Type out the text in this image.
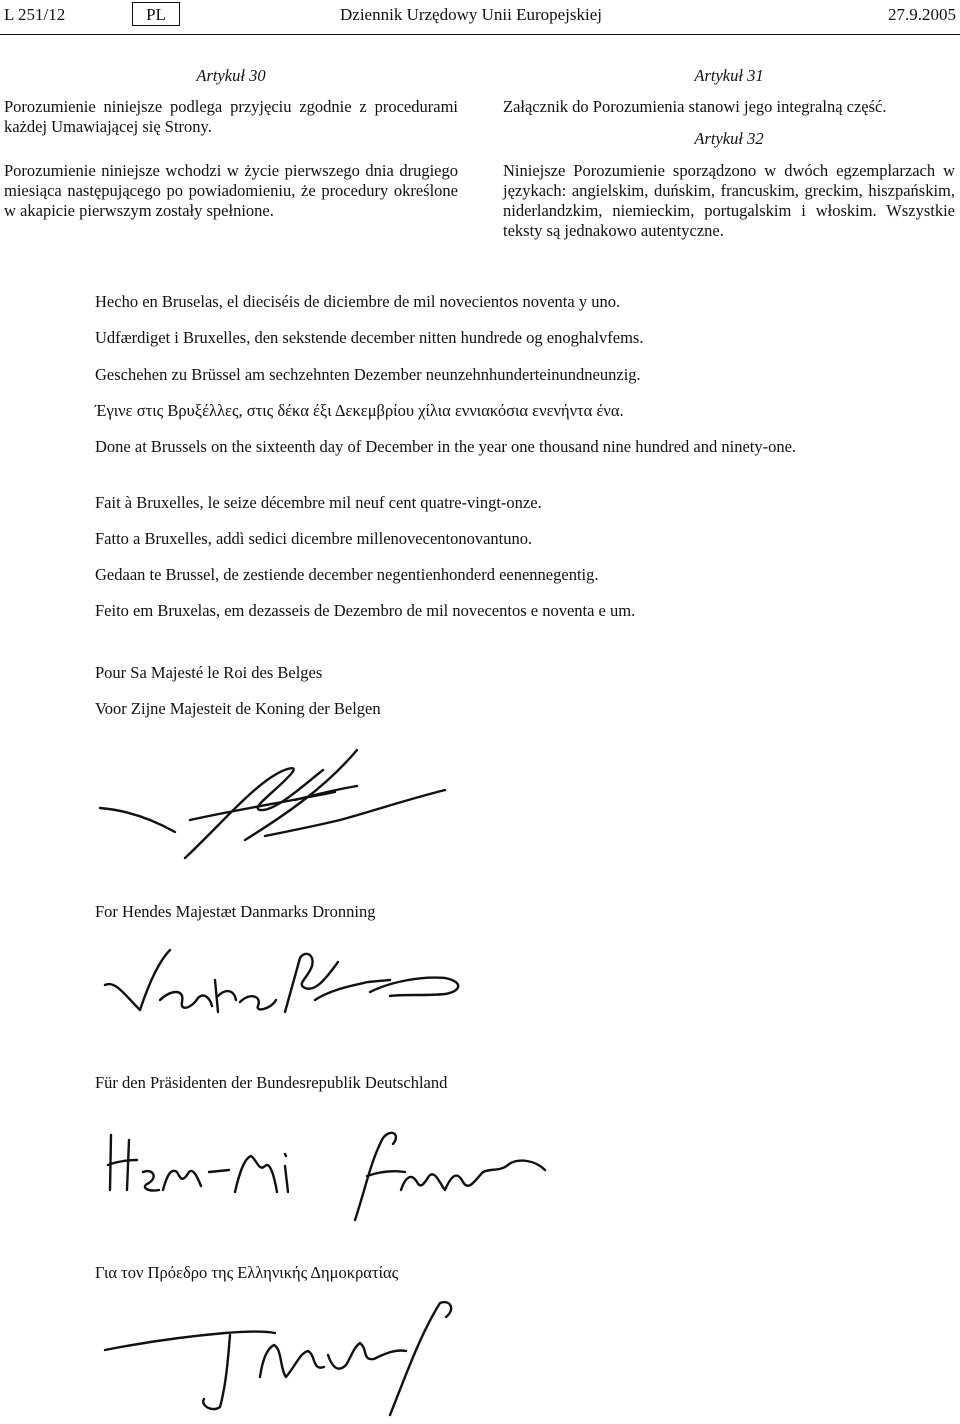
L 251/12	PL	Dziennik Urzędowy Unii Europejskiej	27.9.2005

Artykuł 30

Porozumienie niniejsze podlega przyjęciu zgodnie z procedurami każdej Umawiającej się Strony.

Porozumienie niniejsze wchodzi w życie pierwszego dnia drugiego miesiąca następującego po powiadomieniu, że procedury określone w akapicie pierwszym zostały spełnione.

Artykuł 31

Załącznik do Porozumienia stanowi jego integralną część.

Artykuł 32

Niniejsze Porozumienie sporządzono w dwóch egzemplarzach w językach: angielskim, duńskim, francuskim, greckim, hiszpańskim, niderlandzkim, niemieckim, portugalskim i włoskim. Wszystkie teksty są jednakowo autentyczne.

Hecho en Bruselas, el dieciséis de diciembre de mil novecientos noventa y uno.
Udfærdiget i Bruxelles, den sekstende december nitten hundrede og enoghalvfems.
Geschehen zu Brüssel am sechzehnten Dezember neunzehnhunderteinundneunzig.
Έγινε στις Βρυξέλλες, στις δέκα έξι Δεκεμβρίου χίλια εννιακόσια ενενήντα ένα.
Done at Brussels on the sixteenth day of December in the year one thousand nine hundred and ninety-one.
Fait à Bruxelles, le seize décembre mil neuf cent quatre-vingt-onze.
Fatto a Bruxelles, addì sedici dicembre millenovecentonovantuno.
Gedaan te Brussel, de zestiende december negentienhonderd eenennegentig.
Feito em Bruxelas, em dezasseis de Dezembro de mil novecentos e noventa e um.
Pour Sa Majesté le Roi des Belges
Voor Zijne Majesteit de Koning der Belgen
For Hendes Majestæt Danmarks Dronning
Für den Präsidenten der Bundesrepublik Deutschland
Για τον Πρόεδρο της Ελληνικής Δημοκρατίας
